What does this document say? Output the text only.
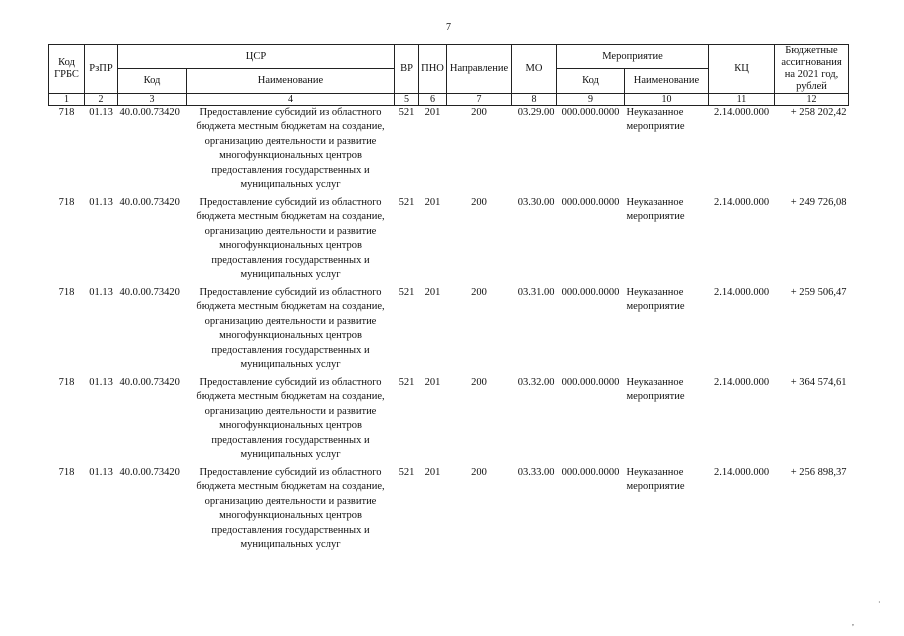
7
Код ГРБС	РзПР	ЦСР		ВР	ПНО	Направление	МО	Мероприятие		КЦ	Бюджетные ассигнования на 2021 год, рублей
		Код	Наименование					Код	Наименование		
1	2	3	4	5	6	7	8	9	10	11	12
718	01.13	40.0.00.73420	Предоставление субсидий из областного бюджета местным бюджетам на создание, организацию деятельности и развитие многофункциональных центров предоставления государственных и муниципальных услуг	521	201	200	03.29.00	000.000.0000	Неуказанное мероприятие	2.14.000.000	+ 258 202,42
718	01.13	40.0.00.73420	Предоставление субсидий из областного бюджета местным бюджетам на создание, организацию деятельности и развитие многофункциональных центров предоставления государственных и муниципальных услуг	521	201	200	03.30.00	000.000.0000	Неуказанное мероприятие	2.14.000.000	+ 249 726,08
718	01.13	40.0.00.73420	Предоставление субсидий из областного бюджета местным бюджетам на создание, организацию деятельности и развитие многофункциональных центров предоставления государственных и муниципальных услуг	521	201	200	03.31.00	000.000.0000	Неуказанное мероприятие	2.14.000.000	+ 259 506,47
718	01.13	40.0.00.73420	Предоставление субсидий из областного бюджета местным бюджетам на создание, организацию деятельности и развитие многофункциональных центров предоставления государственных и муниципальных услуг	521	201	200	03.32.00	000.000.0000	Неуказанное мероприятие	2.14.000.000	+ 364 574,61
718	01.13	40.0.00.73420	Предоставление субсидий из областного бюджета местным бюджетам на создание, организацию деятельности и развитие многофункциональных центров предоставления государственных и муниципальных услуг	521	201	200	03.33.00	000.000.0000	Неуказанное мероприятие	2.14.000.000	+ 256 898,37
·
,
